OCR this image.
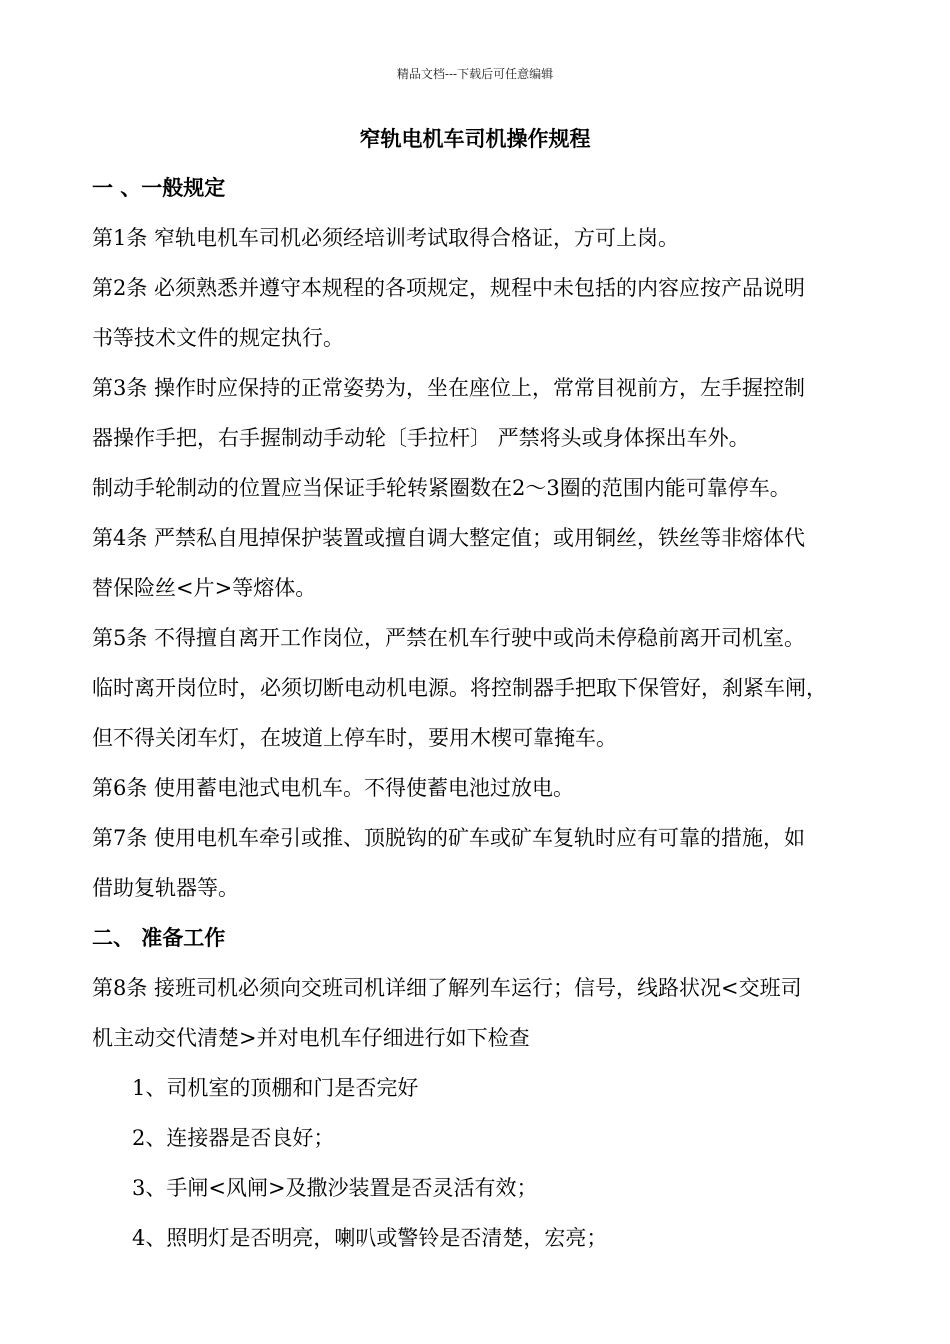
精品文档---下载后可任意编辑
窄轨电机车司机操作规程
一 、一般规定
第1条 窄轨电机车司机必须经培训考试取得合格证，方可上岗。
第2条 必须熟悉并遵守本规程的各项规定，规程中未包括的内容应按产品说明
书等技术文件的规定执行。
第3条 操作时应保持的正常姿势为，坐在座位上，常常目视前方，左手握控制
器操作手把，右手握制动手动轮〔手拉杆〕 严禁将头或身体探出车外。
制动手轮制动的位置应当保证手轮转紧圈数在2～3圈的范围内能可靠停车。
第4条 严禁私自甩掉保护装置或擅自调大整定值；或用铜丝，铁丝等非熔体代
替保险丝<片>等熔体。
第5条 不得擅自离开工作岗位，严禁在机车行驶中或尚未停稳前离开司机室。
临时离开岗位时，必须切断电动机电源。将控制器手把取下保管好，刹紧车闸，
但不得关闭车灯，在坡道上停车时，要用木楔可靠掩车。
第6条 使用蓄电池式电机车。不得使蓄电池过放电。
第7条 使用电机车牵引或推、顶脱钩的矿车或矿车复轨时应有可靠的措施，如
借助复轨器等。
二、 准备工作
第8条 接班司机必须向交班司机详细了解列车运行；信号，线路状况<交班司
机主动交代清楚>并对电机车仔细进行如下检查
1、司机室的顶棚和门是否完好
2、连接器是否良好；
3、手闸<风闸>及撒沙装置是否灵活有效；
4、照明灯是否明亮，喇叭或警铃是否清楚，宏亮；
